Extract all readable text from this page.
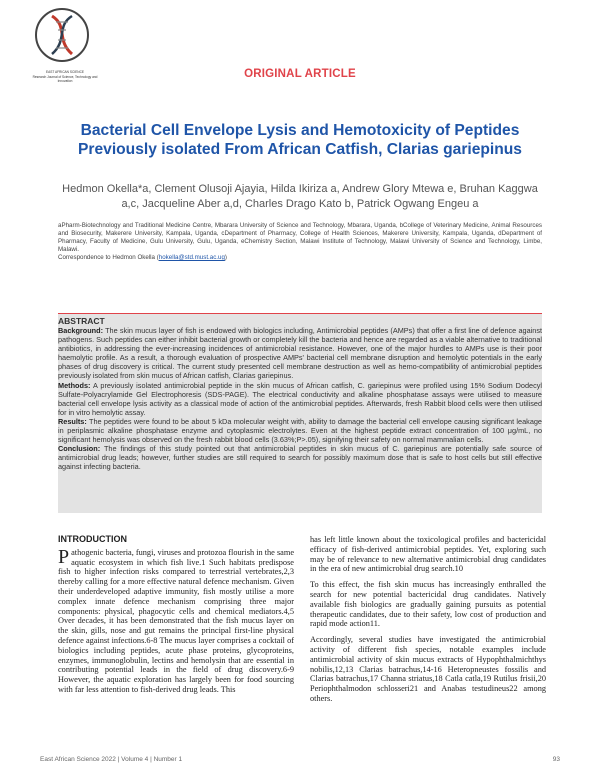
EAST AFRICAN SCIENCE
Research Journal of Science, Technology and Innovation
ORIGINAL ARTICLE
Bacterial Cell Envelope Lysis and Hemotoxicity of Peptides Previously isolated From African Catfish, Clarias gariepinus
Hedmon Okella*a, Clement Olusoji Ajayia, Hilda Ikiriza a, Andrew Glory Mtewa e, Bruhan Kaggwa a,c, Jacqueline Aber a,d, Charles Drago Kato b, Patrick Ogwang Engeu a
aPharm-Biotechnology and Traditional Medicine Centre, Mbarara University of Science and Technology, Mbarara, Uganda, bCollege of Veterinary Medicine, Animal Resources and Biosecurity, Makerere University, Kampala, Uganda, cDepartment of Pharmacy, College of Health Sciences, Makerere University, Kampala, Uganda, dDepartment of Pharmacy, Faculty of Medicine, Gulu University, Gulu, Uganda, eChemistry Section, Malawi Institute of Technology, Malawi University of Science and Technology, Limbe, Malawi.
Correspondence to Hedmon Okella (hokella@std.must.ac.ug)
ABSTRACT

Background: The skin mucus layer of fish is endowed with biologics including, Antimicrobial peptides (AMPs) that offer a first line of defence against pathogens. Such peptides can either inhibit bacterial growth or completely kill the bacteria and hence are regarded as a viable alternative to traditional antibiotics, in addressing the ever-increasing incidences of antimicrobial resistance. However, one of the major hurdles to AMPs use is their poor haemolytic profile. As a result, a thorough evaluation of prospective AMPs' bacterial cell membrane disruption and hemolytic potentials in the early phases of drug discovery is critical. The current study presented cell membrane destruction as well as hemo-compatibility of antimicrobial peptides previously isolated from skin mucus of African catfish, Clarias gariepinus.

Methods: A previously isolated antimicrobial peptide in the skin mucus of African catfish, C. gariepinus were profiled using 15% Sodium Dodecyl Sulfate-Polyacrylamide Gel Electrophoresis (SDS-PAGE). The electrical conductivity and alkaline phosphatase assays were utilised to measure bacterial cell envelope lysis activity as a classical mode of action of the antimicrobial peptides. Afterwards, fresh Rabbit blood cells were then utilised for in vitro hemolytic assay.

Results: The peptides were found to be about 5 kDa molecular weight with, ability to damage the bacterial cell envelope causing significant leakage in periplasmic alkaline phosphatase enzyme and cytoplasmic electrolytes. Even at the highest peptide extract concentration of 100 μg/mL, no significant hemolysis was observed on the fresh rabbit blood cells (3.63%;P>.05), signifying their safety on normal mammalian cells.

Conclusion: The findings of this study pointed out that antimicrobial peptides in skin mucus of C. gariepinus are potentially safe source of antimicrobial drug leads; however, further studies are still required to search for possibly maximum dose that is safe to host cells but still effective against infecting bacteria.

INTRODUCTION

Pathogenic bacteria, fungi, viruses and protozoa flourish in the same aquatic ecosystem in which fish live.1 Such habitats predispose fish to higher infection risks compared to terrestrial vertebrates,2,3 thereby calling for a more effective natural defence mechanism. Given their underdeveloped adaptive immunity, fish mostly utilise a more complex innate defence mechanism comprising three major components: physical, phagocytic cells and chemical mediators.4,5 Over decades, it has been demonstrated that the fish mucus layer on the skin, gills, nose and gut remains the principal first-line physical defence against infections.6-8 The mucus layer comprises a cocktail of biologics including peptides, acute phase proteins, glycoproteins, enzymes, immunoglobulin, lectins and hemolysin that are essential in contributing potential leads in the field of drug discovery.6-9 However, the aquatic exploration has largely been for food sourcing with far less attention to fish-derived drug leads. This

has left little known about the toxicological profiles and bactericidal efficacy of fish-derived antimicrobial peptides. Yet, exploring such may be of relevance to new alternative antimicrobial drug candidates in the era of new antimicrobial drug search.10

To this effect, the fish skin mucus has increasingly enthralled the search for new potential bactericidal drug candidates. Natively available fish biologics are gradually gaining pursuits as potential therapeutic candidates, due to their safety, low cost of production and rapid mode action11.

Accordingly, several studies have investigated the antimicrobial activity of different fish species, notable examples include antimicrobial activity of skin mucus extracts of Hypophthalmichthys nobilis,12,13 Clarias batrachus,14-16 Heteropneustes fossilis and Clarias batrachus,17 Channa striatus,18 Catla catla,19 Rutilus frisii,20 Periophthalmodon schlosseri21 and Anabas testudineus22 among others.

East African Science 2022 | Volume 4 | Number 1	93
